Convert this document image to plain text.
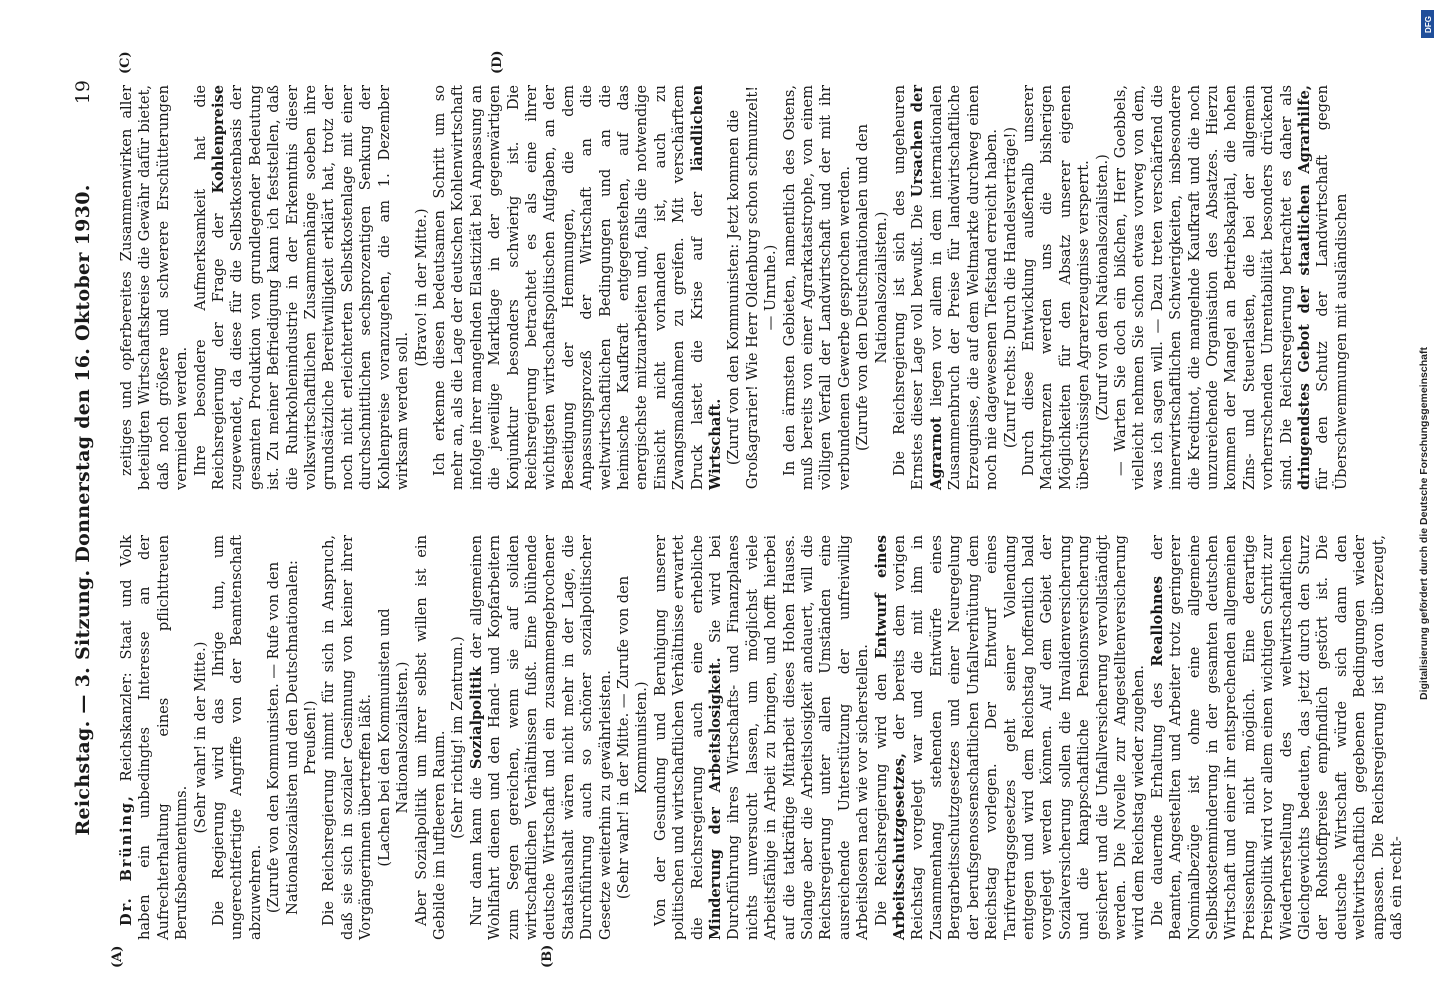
Reichstag. — 3. Sitzung. Donnerstag den 16. Oktober 1930.
19
(A)	(B)
(C)	(D)

Dr. Brüning, Reichskanzler: Staat und Volk haben ein unbedingtes Interesse an der Aufrechterhaltung eines pflichttreuen Berufsbeamtentums.

(Sehr wahr! in der Mitte.) Die Regierung wird das Ihrige tun, um ungerechtfertigte Angriffe von der Beamtenschaft abzuwehren. (Zurufe von den Kommunisten. — Rufe von den Nationalsozialisten und den Deutschnationalen: Preußen!) Die Reichsregierung nimmt für sich in Anspruch, daß sie sich in sozialer Gesinnung von keiner ihrer Vorgängerinnen übertreffen läßt. (Lachen bei den Kommunisten und Nationalsozialisten.) Aber Sozialpolitik um ihrer selbst willen ist ein Gebilde im luftleeren Raum. (Sehr richtig! im Zentrum.)

Nur dann kann die Sozialpolitik der allgemeinen Wohlfahrt dienen und den Hand- und Kopfarbeitern zum Segen gereichen, wenn sie auf soliden wirtschaftlichen Verhältnissen fußt. Eine blühende deutsche Wirtschaft und ein zusammengebrochener Staatshaushalt wären nicht mehr in der Lage, die Durchführung auch so schöner sozialpolitischer Gesetze weiterhin zu gewährleisten. (Sehr wahr! in der Mitte. — Zurufe von den Kommunisten.) Von der Gesundung und Beruhigung unserer politischen und wirtschaftlichen Verhältnisse erwartet die Reichsregierung auch eine erhebliche Minderung der Arbeitslosigkeit. Sie wird bei Durchführung ihres Wirtschafts- und Finanzplanes nichts unversucht lassen, um möglichst viele Arbeitsfähige in Arbeit zu bringen, und hofft hierbei auf die tatkräftige Mitarbeit dieses Hohen Hauses. Solange aber die Arbeitslosigkeit andauert, will die Reichsregierung unter allen Umständen eine ausreichende Unterstützung der unfreiwillig Arbeitslosen nach wie vor sicherstellen. Die Reichsregierung wird den Entwurf eines Arbeitsschutzgesetzes, der bereits dem vorigen Reichstag vorgelegt war und die mit ihm in Zusammenhang stehenden Entwürfe eines Bergarbeitsschutzgesetzes und einer Neuregelung der berufsgenossenschaftlichen Unfallverhütung dem Reichstag vorlegen. Der Entwurf eines Tarifvertragsgesetzes geht seiner Vollendung entgegen und wird dem Reichstag hoffentlich bald vorgelegt werden können. Auf dem Gebiet der Sozialversicherung sollen die Invalidenversicherung und die knappschaftliche Pensionsversicherung gesichert und die Unfallversicherung vervollständigt werden. Die Novelle zur Angestelltenversicherung wird dem Reichstag wieder zugehen. Die dauernde Erhaltung des Reallohnes der Beamten, Angestellten und Arbeiter trotz geringerer Nominalbezüge ist ohne eine allgemeine Selbstkostenminderung in der gesamten deutschen Wirtschaft und einer ihr entsprechenden allgemeinen Preissenkung nicht möglich. Eine derartige Preispolitik wird vor allem einen wichtigen Schritt zur Wiederherstellung des weltwirtschaftlichen Gleichgewichts bedeuten, das jetzt durch den Sturz der Rohstoffpreise empfindlich gestört ist. Die deutsche Wirtschaft würde sich dann den weltwirtschaftlich gegebenen Bedingungen wieder anpassen. Die Reichsregierung ist davon überzeugt, daß ein recht-

zeitiges und opferbereites Zusammenwirken aller beteiligten Wirtschaftskreise die Gewähr dafür bietet, daß noch größere und schwerere Erschütterungen vermieden werden. Ihre besondere Aufmerksamkeit hat die Reichsregierung der Frage der Kohlenpreise zugewendet, da diese für die Selbstkostenbasis der gesamten Produktion von grundlegender Bedeutung ist. Zu meiner Befriedigung kann ich feststellen, daß die Ruhrkohlenindustrie in der Erkenntnis dieser volkswirtschaftlichen Zusammenhänge soeben ihre grundsätzliche Bereitwilligkeit erklärt hat, trotz der noch nicht erleichterten Selbstkostenlage mit einer durchschnittlichen sechsprozentigen Senkung der Kohlenpreise voranzugehen, die am 1. Dezember wirksam werden soll.

(Bravo! in der Mitte.) Ich erkenne diesen bedeutsamen Schritt um so mehr an, als die Lage der deutschen Kohlenwirtschaft infolge ihrer mangelnden Elastizität bei Anpassung an die jeweilige Marktlage in der gegenwärtigen Konjunktur besonders schwierig ist. Die Reichsregierung betrachtet es als eine ihrer wichtigsten wirtschaftspolitischen Aufgaben, an der Beseitigung der Hemmungen, die dem Anpassungsprozeß der Wirtschaft an die weltwirtschaftlichen Bedingungen und an die heimische Kaufkraft entgegenstehen, auf das energischste mitzuarbeiten und, falls die notwendige Einsicht nicht vorhanden ist, auch zu Zwangsmaßnahmen zu greifen. Mit verschärftem Druck lastet die Krise auf der ländlichen Wirtschaft. (Zuruf von den Kommunisten: Jetzt kommen die Großagrarier! Wie Herr Oldenburg schon schmunzelt! — Unruhe.) In den ärmsten Gebieten, namentlich des Ostens, muß bereits von einer Agrarkatastrophe, von einem völligen Verfall der Landwirtschaft und der mit ihr verbundenen Gewerbe gesprochen werden. (Zurufe von den Deutschnationalen und den Nationalsozialisten.) Die Reichsregierung ist sich des ungeheuren Ernstes dieser Lage voll bewußt. Die Ursachen der Agrarnot liegen vor allem in dem internationalen Zusammenbruch der Preise für landwirtschaftliche Erzeugnisse, die auf dem Weltmarkte durchweg einen noch nie dagewesenen Tiefstand erreicht haben. (Zuruf rechts: Durch die Handelsverträge!) Durch diese Entwicklung außerhalb unserer Machtgrenzen werden uns die bisherigen Möglichkeiten für den Absatz unserer eigenen überschüssigen Agrarerzeugnisse versperrt. (Zuruf von den Nationalsozialisten.) — Warten Sie doch ein bißchen, Herr Goebbels, vielleicht nehmen Sie schon etwas vorweg von dem, was ich sagen will. — Dazu treten verschärfend die innerwirtschaftlichen Schwierigkeiten, insbesondere die Kreditnot, die mangelnde Kaufkraft und die noch unzureichende Organisation des Absatzes. Hierzu kommen der Mangel an Betriebskapital, die hohen Zins- und Steuerlasten, die bei der allgemein vorherrschenden Unrentabilität besonders drückend sind. Die Reichsregierung betrachtet es daher als dringendstes Gebot der staatlichen Agrarhilfe, für den Schutz der Landwirtschaft gegen Überschwemmungen mit ausländischen

DFG
Digitalisierung gefördert durch die Deutsche Forschungsgemeinschaft
